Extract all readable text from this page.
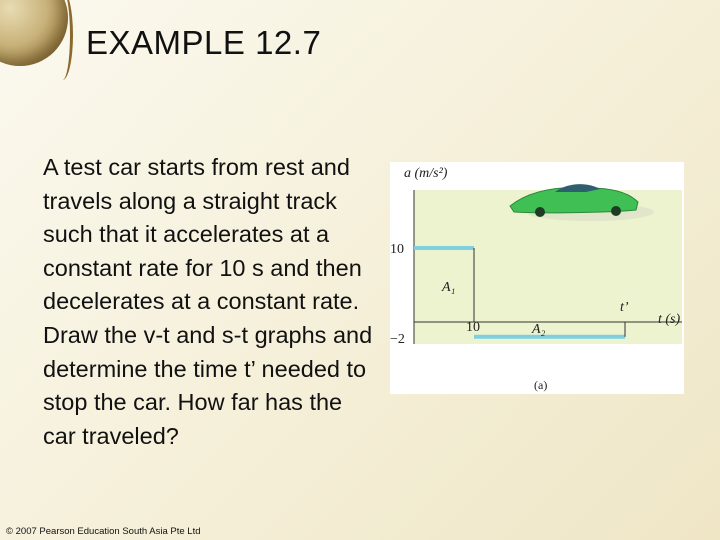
EXAMPLE 12.7
A test car starts from rest and travels along a straight track such that it accelerates at a constant rate for 10 s and then decelerates at a constant rate. Draw the v-t and s-t graphs and determine the time t’ needed to stop the car. How far has the car traveled?
© 2007 Pearson Education South Asia Pte Ltd
a (m/s²)
t (s)
10
−2
10
A₁
A₂
t’
(a)
